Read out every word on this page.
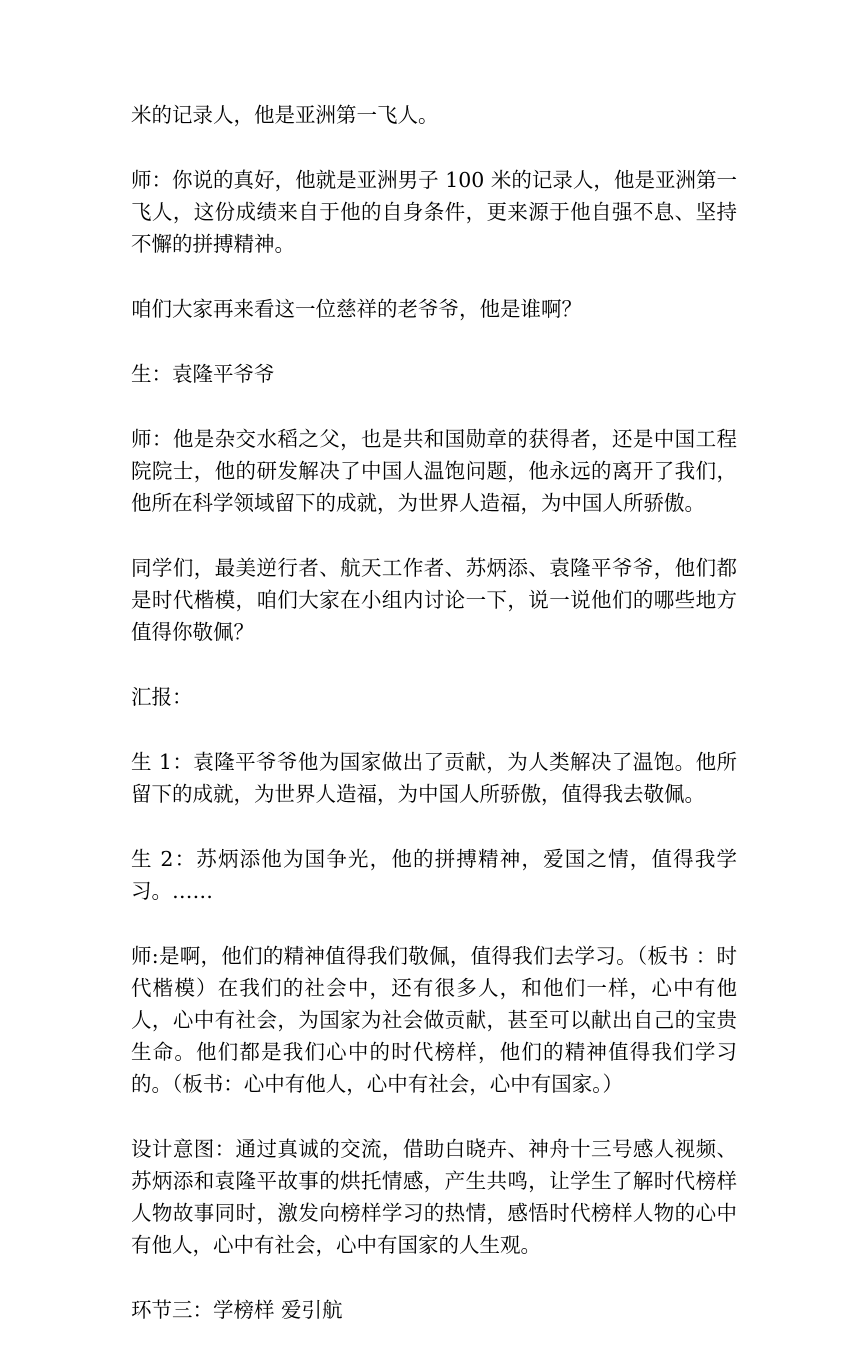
米的记录人，他是亚洲第一飞人。

师：你说的真好，他就是亚洲男子 100 米的记录人，他是亚洲第一飞人，这份成绩来自于他的自身条件，更来源于他自强不息、坚持不懈的拼搏精神。

咱们大家再来看这一位慈祥的老爷爷，他是谁啊？

生：袁隆平爷爷

师：他是杂交水稻之父，也是共和国勋章的获得者，还是中国工程院院士，他的研发解决了中国人温饱问题，他永远的离开了我们，他所在科学领域留下的成就，为世界人造福，为中国人所骄傲。

同学们，最美逆行者、航天工作者、苏炳添、袁隆平爷爷，他们都是时代楷模，咱们大家在小组内讨论一下，说一说他们的哪些地方值得你敬佩？

汇报：

生 1：袁隆平爷爷他为国家做出了贡献，为人类解决了温饱。他所留下的成就，为世界人造福，为中国人所骄傲，值得我去敬佩。

生 2：苏炳添他为国争光，他的拼搏精神，爱国之情，值得我学习。……

师:是啊，他们的精神值得我们敬佩，值得我们去学习。（板书 ：时代楷模）在我们的社会中，还有很多人，和他们一样，心中有他人，心中有社会，为国家为社会做贡献，甚至可以献出自己的宝贵生命。他们都是我们心中的时代榜样，他们的精神值得我们学习的。（板书：心中有他人，心中有社会，心中有国家。）

设计意图：通过真诚的交流，借助白晓卉、神舟十三号感人视频、苏炳添和袁隆平故事的烘托情感，产生共鸣，让学生了解时代榜样人物故事同时，激发向榜样学习的热情，感悟时代榜样人物的心中有他人，心中有社会，心中有国家的人生观。

环节三：学榜样 爱引航
